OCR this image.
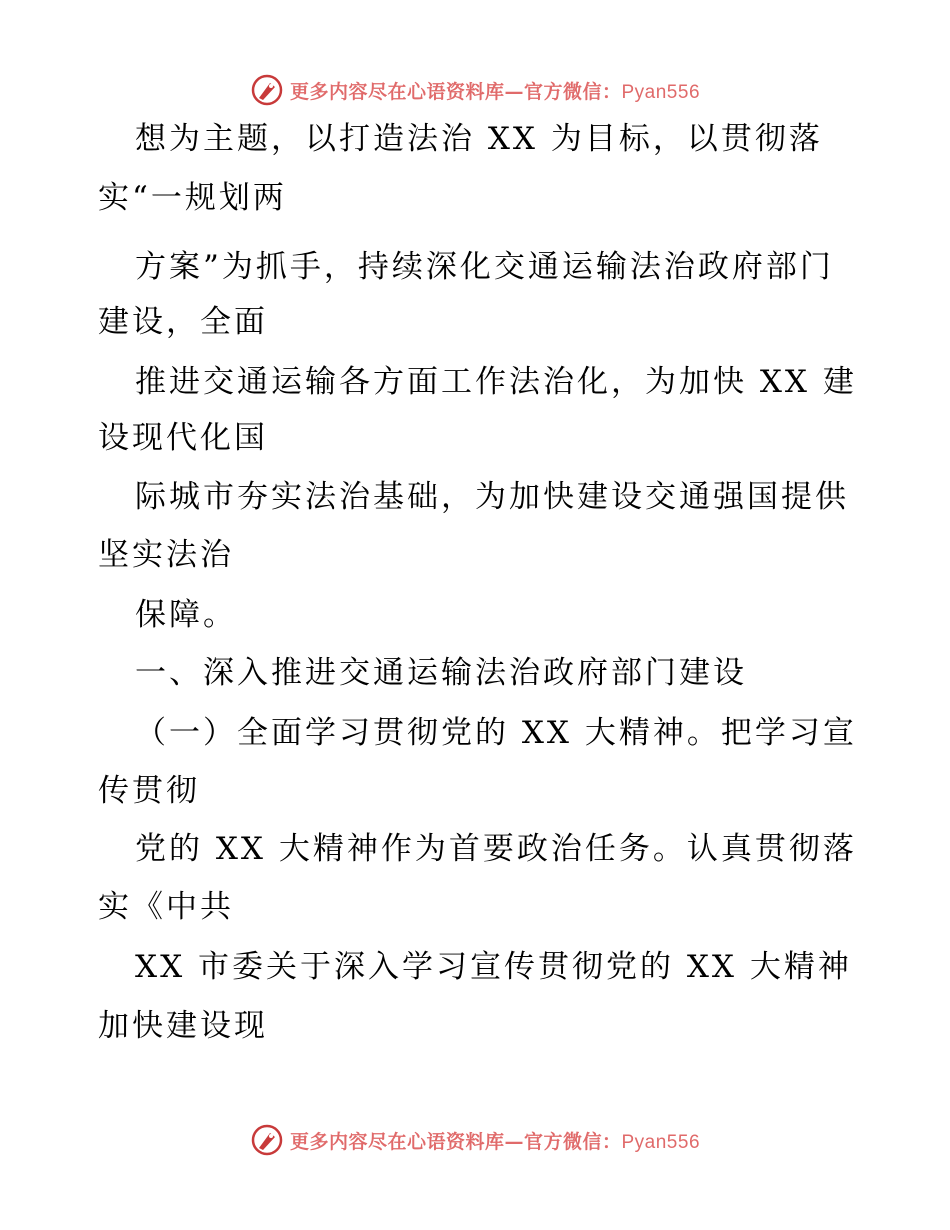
更多内容尽在心语资料库—官方微信：Pyan556
想为主题，以打造法治 XX 为目标，以贯彻落
实“一规划两
方案”为抓手，持续深化交通运输法治政府部门
建设，全面
推进交通运输各方面工作法治化，为加快 XX 建
设现代化国
际城市夯实法治基础，为加快建设交通强国提供
坚实法治
保障。
一、深入推进交通运输法治政府部门建设
（一）全面学习贯彻党的 XX 大精神。把学习宣
传贯彻
党的 XX 大精神作为首要政治任务。认真贯彻落
实《中共
XX 市委关于深入学习宣传贯彻党的 XX 大精神
加快建设现
更多内容尽在心语资料库—官方微信：Pyan556
